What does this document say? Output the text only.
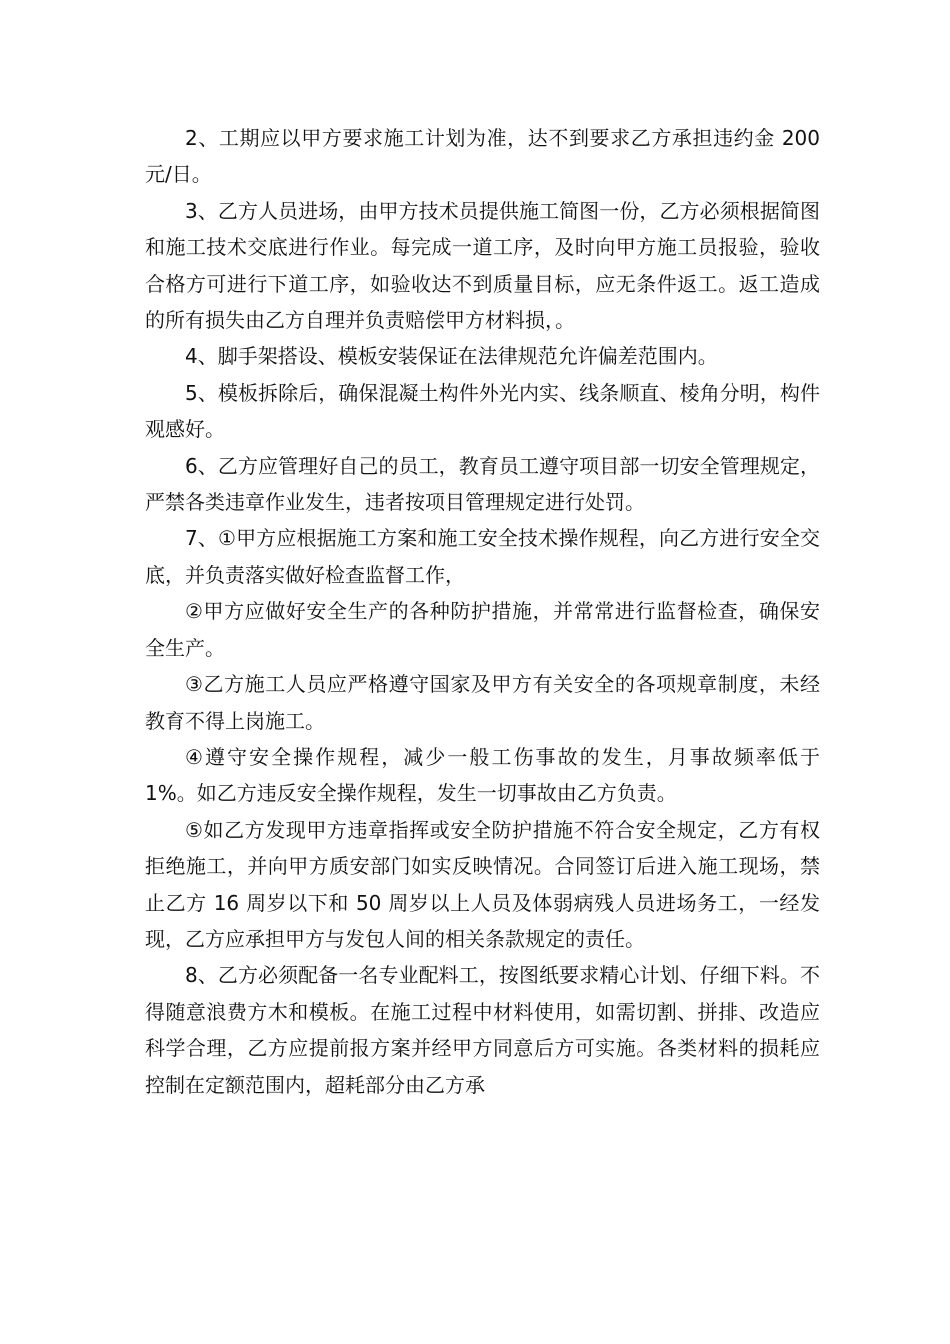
2、工期应以甲方要求施工计划为准，达不到要求乙方承担违约金 200 元/日。

3、乙方人员进场，由甲方技术员提供施工简图一份，乙方必须根据简图和施工技术交底进行作业。每完成一道工序，及时向甲方施工员报验，验收合格方可进行下道工序，如验收达不到质量目标，应无条件返工。返工造成的所有损失由乙方自理并负责赔偿甲方材料损，。

4、脚手架搭设、模板安装保证在法律规范允许偏差范围内。

5、模板拆除后，确保混凝土构件外光内实、线条顺直、棱角分明，构件观感好。

6、乙方应管理好自己的员工，教育员工遵守项目部一切安全管理规定，严禁各类违章作业发生，违者按项目管理规定进行处罚。

7、①甲方应根据施工方案和施工安全技术操作规程，向乙方进行安全交底，并负责落实做好检查监督工作，

②甲方应做好安全生产的各种防护措施，并常常进行监督检查，确保安全生产。

③乙方施工人员应严格遵守国家及甲方有关安全的各项规章制度，未经教育不得上岗施工。

④遵守安全操作规程，减少一般工伤事故的发生，月事故频率低于 1%。如乙方违反安全操作规程，发生一切事故由乙方负责。

⑤如乙方发现甲方违章指挥或安全防护措施不符合安全规定，乙方有权拒绝施工，并向甲方质安部门如实反映情况。合同签订后进入施工现场，禁止乙方 16 周岁以下和 50 周岁以上人员及体弱病残人员进场务工，一经发现，乙方应承担甲方与发包人间的相关条款规定的责任。

8、乙方必须配备一名专业配料工，按图纸要求精心计划、仔细下料。不得随意浪费方木和模板。在施工过程中材料使用，如需切割、拼排、改造应科学合理，乙方应提前报方案并经甲方同意后方可实施。各类材料的损耗应控制在定额范围内，超耗部分由乙方承
